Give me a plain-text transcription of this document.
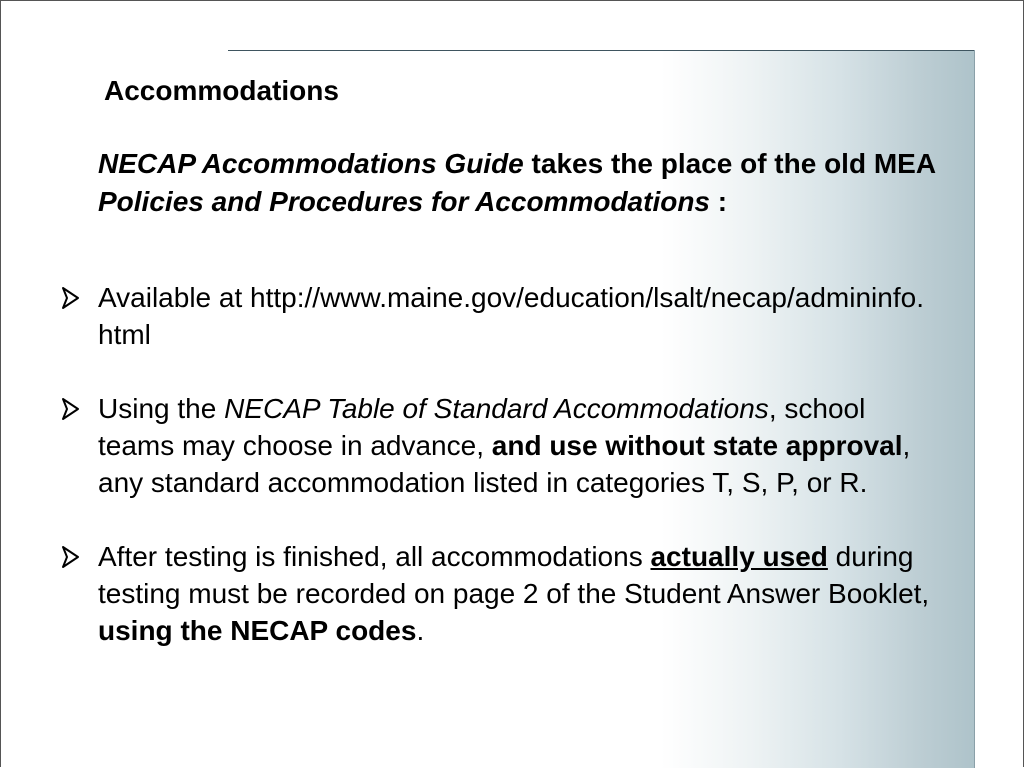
Accommodations

NECAP Accommodations Guide takes the place of the old MEA Policies and Procedures for Accommodations :

Available at http://www.maine.gov/education/lsalt/necap/admininfo.html
Using the NECAP Table of Standard Accommodations, school teams may choose in advance, and use without state approval, any standard accommodation listed in categories T, S, P, or R.
After testing is finished, all accommodations actually used during testing must be recorded on page 2 of the Student Answer Booklet, using the NECAP codes.
